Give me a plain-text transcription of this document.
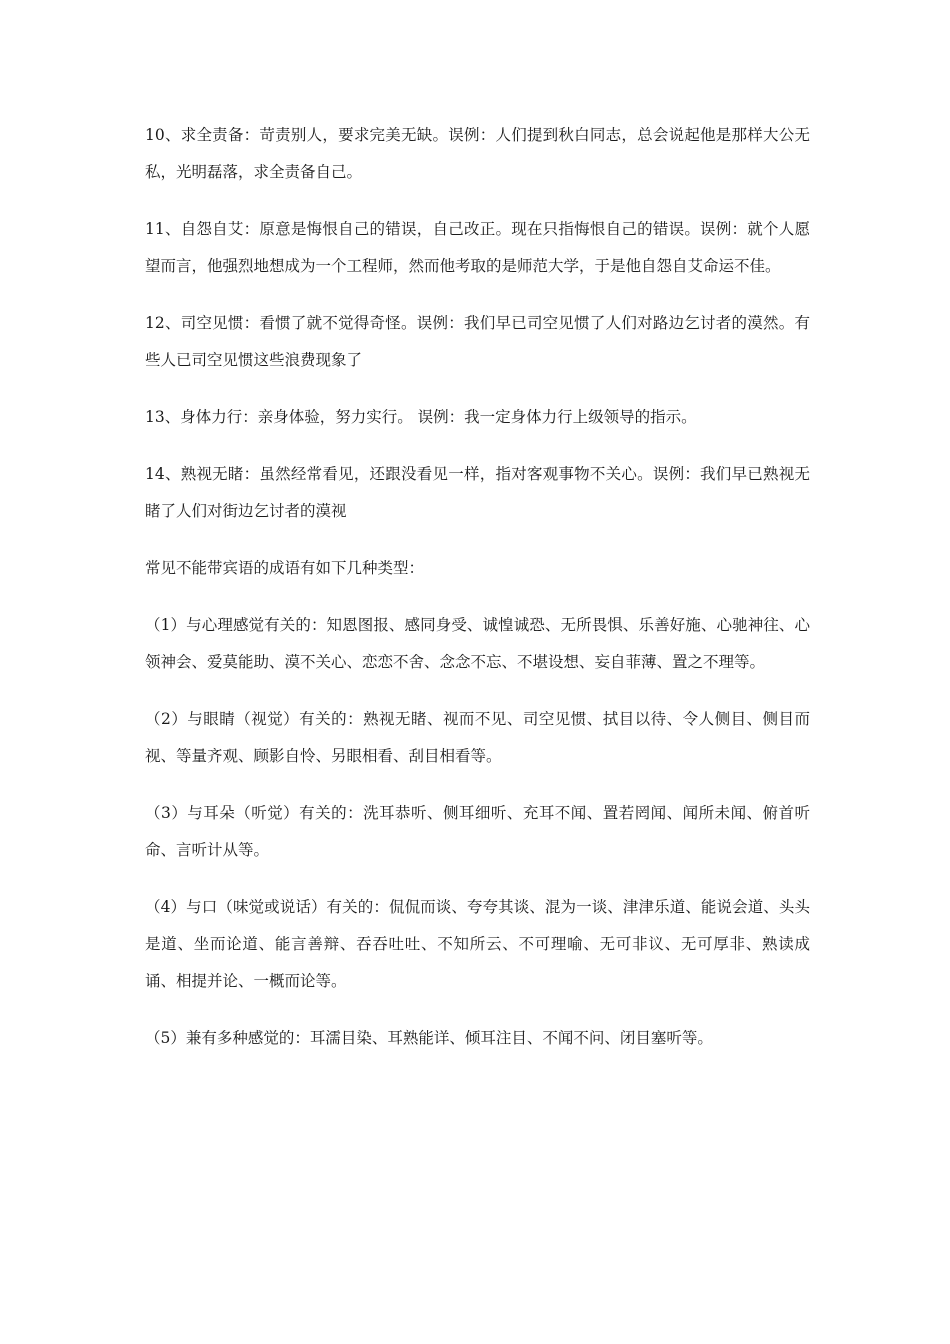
10、求全责备：苛责别人，要求完美无缺。误例：人们提到秋白同志，总会说起他是那样大公无私，光明磊落，求全责备自己。

11、自怨自艾：原意是悔恨自己的错误，自己改正。现在只指悔恨自己的错误。误例：就个人愿望而言，他强烈地想成为一个工程师，然而他考取的是师范大学，于是他自怨自艾命运不佳。

12、司空见惯：看惯了就不觉得奇怪。误例：我们早已司空见惯了人们对路边乞讨者的漠然。有些人已司空见惯这些浪费现象了

13、身体力行：亲身体验，努力实行。 误例：我一定身体力行上级领导的指示。

14、熟视无睹：虽然经常看见，还跟没看见一样，指对客观事物不关心。误例：我们早已熟视无睹了人们对街边乞讨者的漠视

常见不能带宾语的成语有如下几种类型：

（1）与心理感觉有关的：知恩图报、感同身受、诚惶诚恐、无所畏惧、乐善好施、心驰神往、心领神会、爱莫能助、漠不关心、恋恋不舍、念念不忘、不堪设想、妄自菲薄、置之不理等。

（2）与眼睛（视觉）有关的：熟视无睹、视而不见、司空见惯、拭目以待、令人侧目、侧目而视、等量齐观、顾影自怜、另眼相看、刮目相看等。

（3）与耳朵（听觉）有关的：洗耳恭听、侧耳细听、充耳不闻、置若罔闻、闻所未闻、俯首听命、言听计从等。

（4）与口（味觉或说话）有关的：侃侃而谈、夸夸其谈、混为一谈、津津乐道、能说会道、头头是道、坐而论道、能言善辩、吞吞吐吐、不知所云、不可理喻、无可非议、无可厚非、熟读成诵、相提并论、一概而论等。

（5）兼有多种感觉的：耳濡目染、耳熟能详、倾耳注目、不闻不问、闭目塞听等。
